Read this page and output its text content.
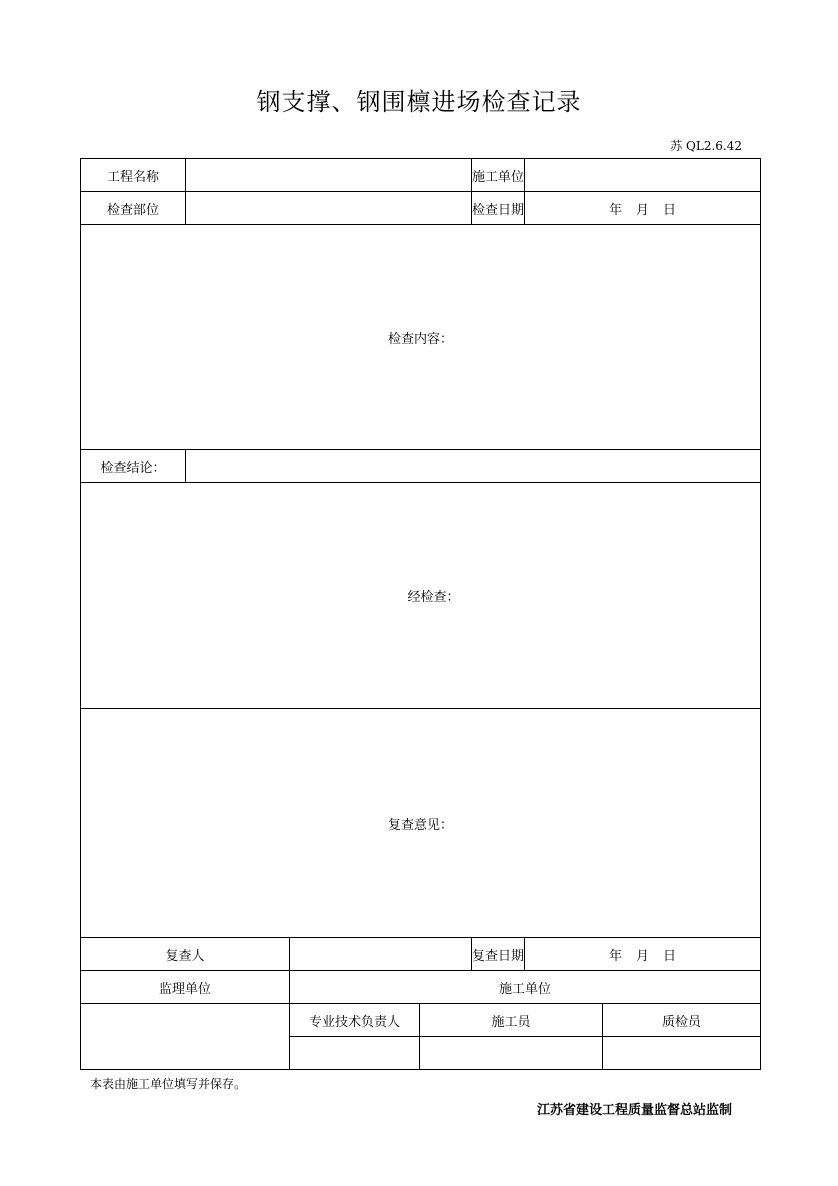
钢支撑、钢围檩进场检查记录
苏 QL2.6.42
工程名称				施工单位		
检查部位				检查日期	年 月 日	
检查内容：						
检查结论：						
经检查：						
复查意见：						
复查人				复查日期	年 月 日	
监理单位		施工单位				
		专业技术负责人	施工员			质检员

本表由施工单位填写并保存。
江苏省建设工程质量监督总站监制
